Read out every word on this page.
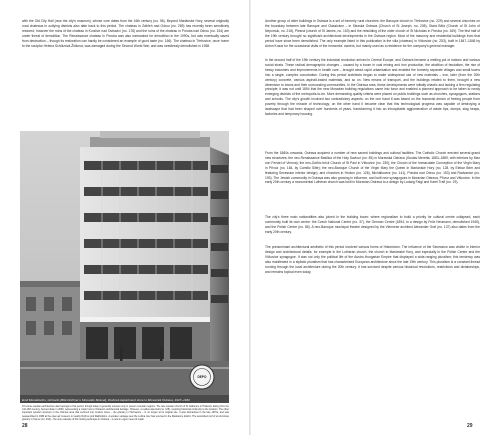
with the Old City Hall (now the city's museum), whose core dates from the 16th century (no. 56). Beyond Mariánské Hory, several originally rural chateaus in outlying districts also date back to this period. The chateau in Zábřeh nad Odrou (no. 255) has recently been sensitively restored, however the ruins of the chateau in Kunčice nad Ostravicí (no. 178) and the ruins of the chateau in Poruba nad Odrou (no. 154) are under threat of demolition. The Renaissance chateau in Poruba was also earmarked for demolition in the 1990s, but was eventually saved from destruction – though its restoration can hardly be considered an example of good taste (no. 166). The chateau in Třebovice, once home to the sculptor Helena Schülzová-Židková, was damaged during the Second World War, and was needlessly demolished in 1958.

DEPO
Emil Mendelsohn, Umbarto (Bílé Dorfíner u Mnoudek Stravel), Dluhová department store in Moravská Ostrava, 1927–1932

28

Of course wooden architecture also belongs to this period, though today it generally survives only in poorer mountain regions. The rare wooden church of St Catherine in Hrabová, dating from the mid-16th century, burned down in 2002, representing a major loss to Ostrava's architectural heritage. However, a replica was built (no. 125), restoring historical continuity to the location. The other important wooden structure in the Ostrava area that survived into modern times – the granary in Heřmanice – is no longer at its original site. It was dismantled in the late 1970s, and was reassembled in 1980 at the open-air museum in nearby Rožnov pod Radhoštěm. A wooden vantage near the Lučina river has survived in the Radvanice district. The wood-tiled roof of an old stone granary in Svinov (no. 234) – the only example of this roofing technique in Ostrava – is now in urgent need of repair.

Another group of older buildings in Ostrava is a set of formerly rural churches: the Baroque church in Třebovice (no. 229) and several churches on the boundary between late Baroque and Classicism – in Slezská Ostrava (Church of St Joseph, no. 208), Stará Bělá (Church of St John of Nepomuk, no. 218), Plesná (church of St James, no. 153) and the rebuilding of the older church of St Nicholas in Poruba (no. 169). The first half of the 19th century brought no significant architectural developments in the Ostrava region. Most of the masonry and residential buildings from that period have since been demolished. The only example listed in this publication is the villa (chateau) in Vítkovice (no. 253), built in 1847–1848 by Anton Kraus for the occasional visits of the ironworks' owners, but mainly used as a residence for the company's general manager.

In the second half of the 19th century the industrial revolution arrived in Central Europe, and Ostrava became a melting pot of nations and various social strata. These radical demographic changes – caused by a boom in coal mining and iron production, the abolition of feudalism, the rise of heavy industries and improvements in health care – brought about rapid urbanisation and enabled the formerly separate villages and small towns into a single, complex conurbation. During this period architects began to make widespread use of new materials – iron, later (from the 20th century) concrete, various asphalt-based materials, and so on. New means of transport, and the buildings related to them, brought a new dimension to towns and their surrounding communities. In the Ostrava area, these developments were initially chaotic and lacking a firm regulating principle; it was not until 1894 that the new Moravian building regulations came into force and enabled a planned approach to be taken to newly emerging districts of the metropolis-to-be. More demanding quality criteria were placed on public buildings such as churches, synagogues, stations and schools. The city's growth involved two contradictory aspects: on the one hand it was based on the humanist dream of freeing people from poverty through the miracle of technology; on the other hand it became clear that this technological progress was capable of destroying a landscape that had been shaped over hundreds of years, transforming it into an inhospitable agglomeration of waste tips, dumps, slag heaps, factories and temporary housing.

From the 1860s onwards, Ostrava acquired a number of new sacred buildings and cultural facilities. The Catholic Church erected several grand new structures: the neo-Renaissance Basilica of the Holy Saviour (no. 85) in Moravská Ostrava (Gustav Meretta, 1883–1889, with interiors by Max von Ferstel of Vienna); the neo-Gothic brick Church of St Paul in Vítkovice (no. 230); the Church of the Immaculate Conception of the Virgin Mary in Přívoz (no. 184, by Camillo Sitte); the neo-Baroque Church of the Virgin Mary the Queen in Mariánské Hory (no. 128, by Elekar Bém and featuring Secession interior design); and churches in Hrušov (no. 126), Michálkovice (no. 141), Poruba nad Odrou (no. 153) and Radvanice (no. 193). The Jewish community in Ostrava was also growing in influence, and built new synagogues in Moravian Ostrava, Přívoz and Vítkovice. In the early 20th century a monumental Lutheran church was built in Moravian Ostrava to a design by Ludwig Faigl and Karel Trafl (no. 29).

The city's three main nationalities also joined in the building boom: where regionalism to build a priority for cultural centre collapsed, each community built its own centre: the Czech National Centre (no. 37), the German Centre (1894, to a design by Felix Neumann, demolished 1945), and the Polish Centre (no. 85). A neo-Baroque municipal theatre designed by the Viennese architect Alexander Graf (no. 137) also dates from the early 20th century.

The predominant architectural aesthetic of this period involved various forms of Historicism. The influence of the Secession was visible in interior design and architectural details, for example in the Lutheran church, the church in Mariánské Hory, and especially in the Polish Centre and the Vítkovice synagogue. It was not only the political life of the Austro-Hungarian Empire that displayed a wide-ranging pluralism; this tendency was also manifested in a stylistic pluralism that has characterised European architecture since the late 19th century. This pluralism is a constant thread running through the local architecture during the 20th century: it has survived despite various historical revolutions, restrictions and dictatorships, and remains topical even today.

29
